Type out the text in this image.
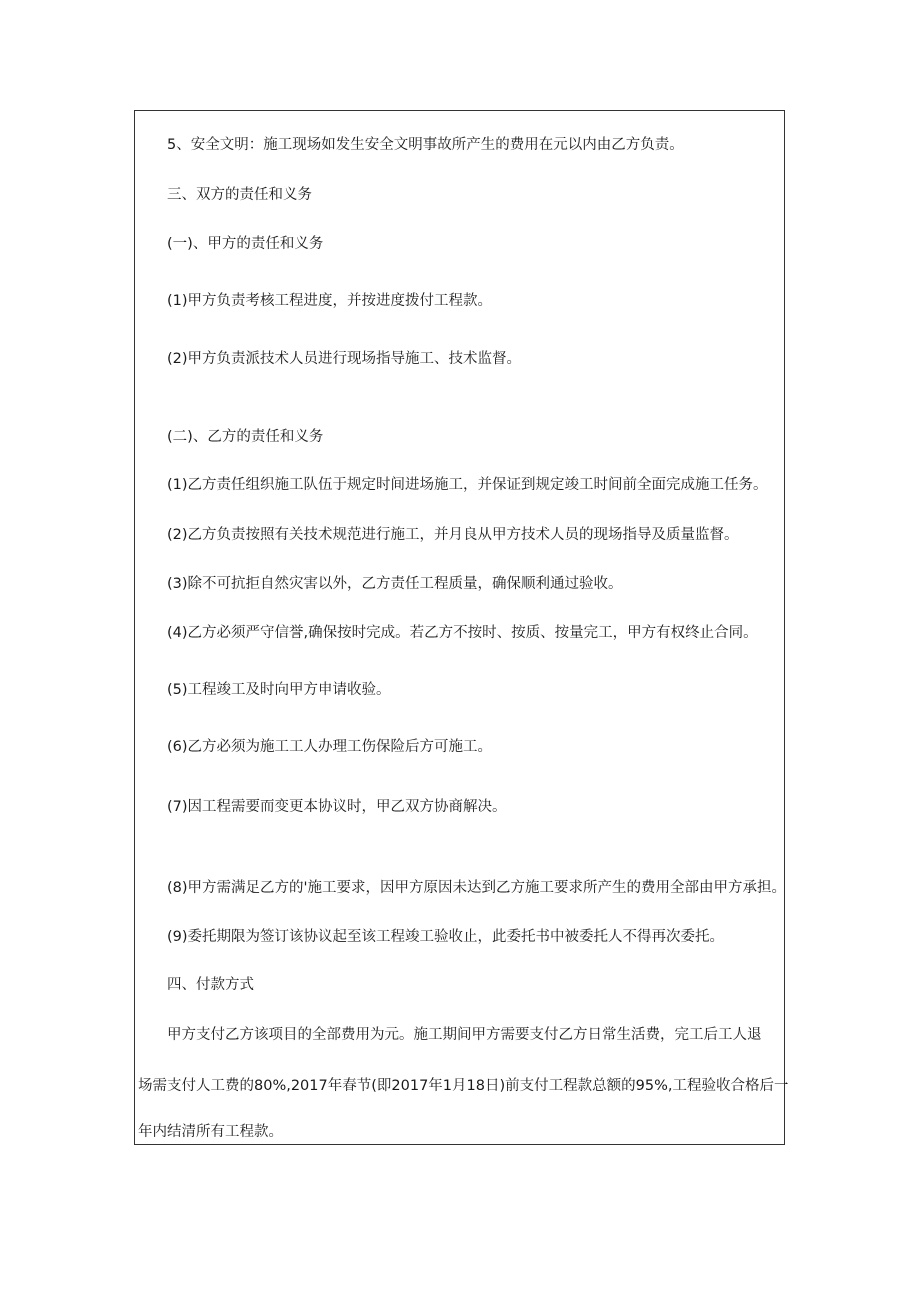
5、安全文明：施工现场如发生安全文明事故所产生的费用在元以内由乙方负责。
三、双方的责任和义务
(一)、甲方的责任和义务
(1)甲方负责考核工程进度，并按进度拨付工程款。
(2)甲方负责派技术人员进行现场指导施工、技术监督。
(二)、乙方的责任和义务
(1)乙方责任组织施工队伍于规定时间进场施工，并保证到规定竣工时间前全面完成施工任务。
(2)乙方负责按照有关技术规范进行施工，并月良从甲方技术人员的现场指导及质量监督。
(3)除不可抗拒自然灾害以外，乙方责任工程质量，确保顺利通过验收。
(4)乙方必须严守信誉,确保按时完成。若乙方不按时、按质、按量完工，甲方有权终止合同。
(5)工程竣工及时向甲方申请收验。
(6)乙方必须为施工工人办理工伤保险后方可施工。
(7)因工程需要而变更本协议时，甲乙双方协商解决。
(8)甲方需满足乙方的'施工要求，因甲方原因未达到乙方施工要求所产生的费用全部由甲方承担。
(9)委托期限为签订该协议起至该工程竣工验收止，此委托书中被委托人不得再次委托。
四、付款方式
甲方支付乙方该项目的全部费用为元。施工期间甲方需要支付乙方日常生活费，完工后工人退
场需支付人工费的80%,2017年春节(即2017年1月18日)前支付工程款总额的95%,工程验收合格后一
年内结清所有工程款。
